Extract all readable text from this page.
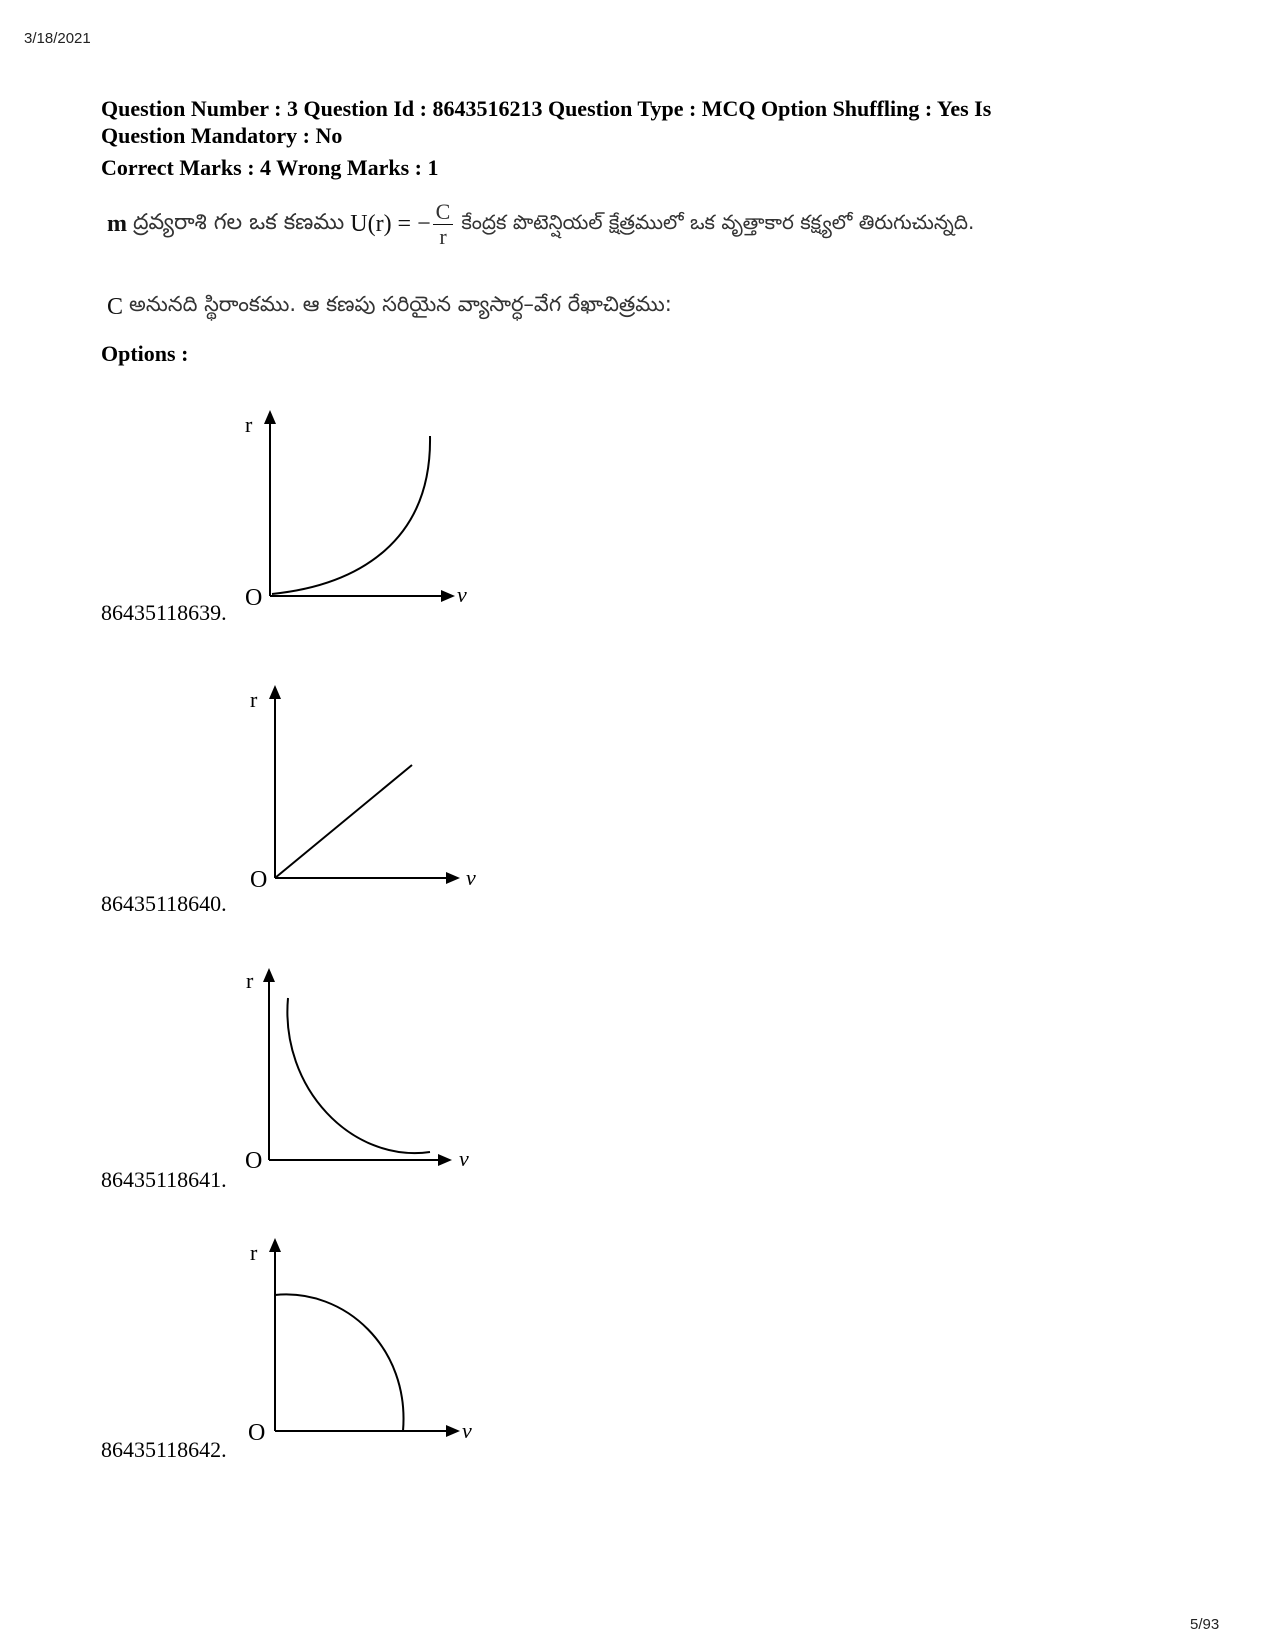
3/18/2021
Question Number : 3 Question Id : 8643516213 Question Type : MCQ Option Shuffling : Yes Is
Question Mandatory : No
Correct Marks : 4 Wrong Marks : 1
m ద్రవ్యరాశి గల ఒక కణము U(r) = − $\frac{C}{r}$ కేంద్రక పొటెన్షియల్ క్షేత్రములో ఒక వృత్తాకార కక్ష్యలో తిరుగుచున్నది.
C అనునది స్థిరాంకము. ఆ కణపు సరియైన వ్యాసార్ధ–వేగ రేఖాచిత్రము:
Options :
r
O	v
86435118639.
r
O	v
86435118640.
r
O	v
86435118641.
r
O	v
86435118642.
5/93
